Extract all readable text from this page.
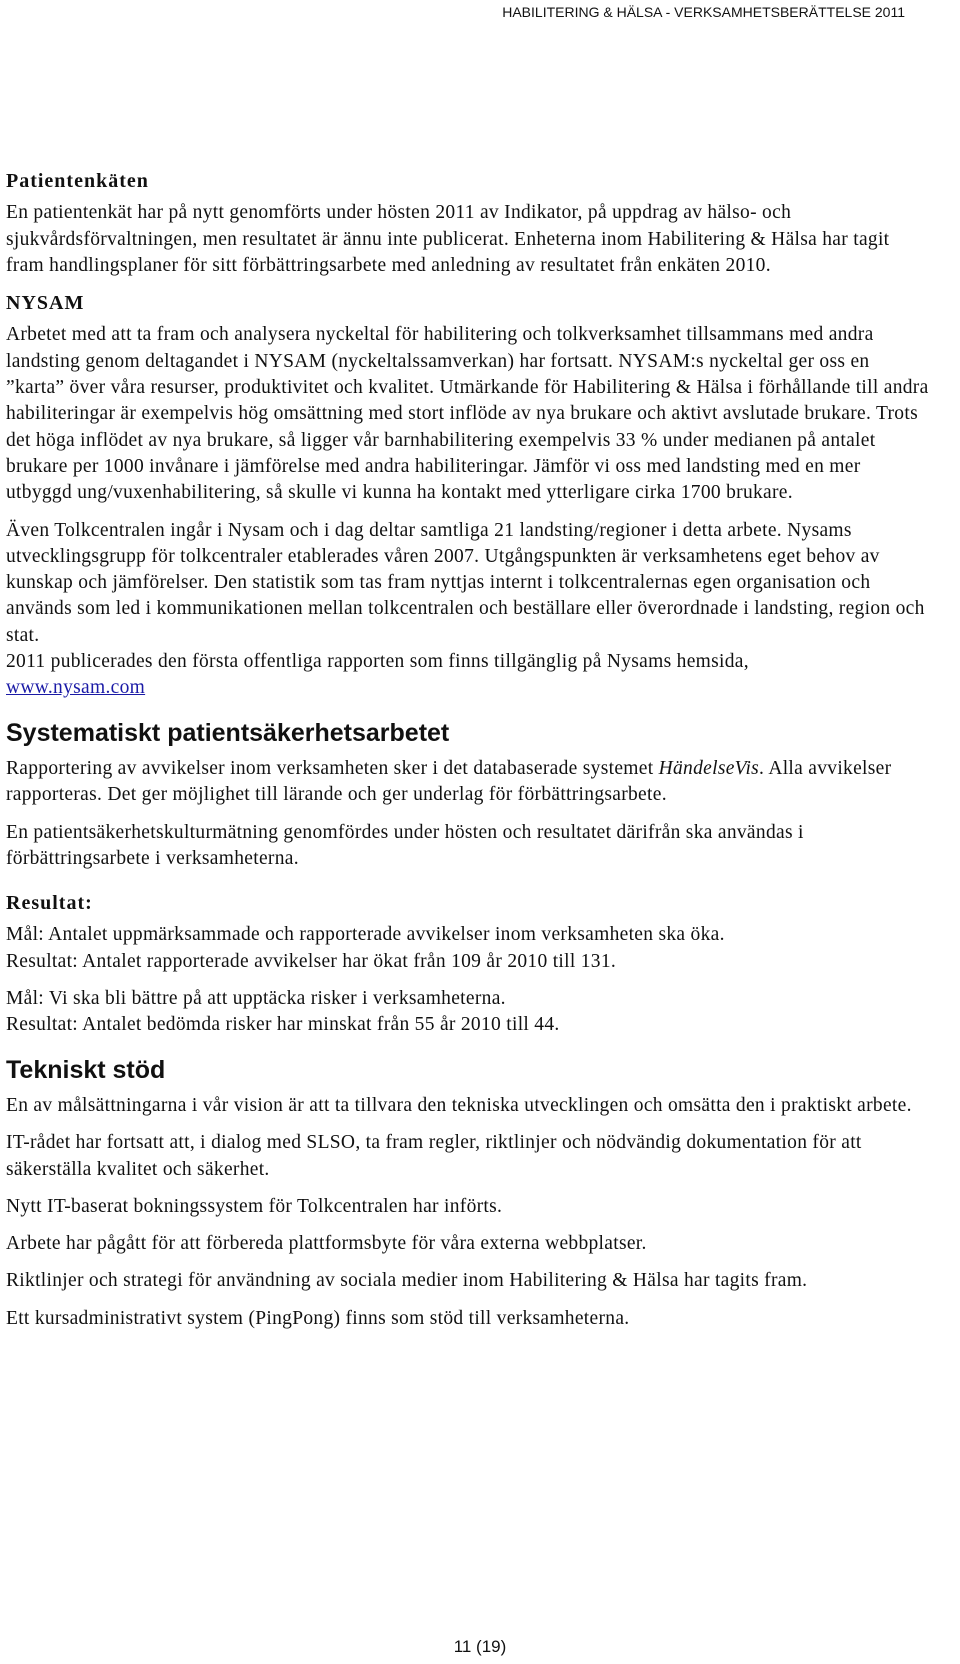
HABILITERING & HÄLSA - VERKSAMHETSBERÄTTELSE 2011
Patientenkäten

En patientenkät har på nytt genomförts under hösten 2011 av Indikator, på uppdrag av hälso- och sjukvårdsförvaltningen, men resultatet är ännu inte publicerat. Enheterna inom Habilitering & Hälsa har tagit fram handlingsplaner för sitt förbättringsarbete med anledning av resultatet från enkäten 2010.

NYSAM

Arbetet med att ta fram och analysera nyckeltal för habilitering och tolkverksamhet tillsammans med andra landsting genom deltagandet i NYSAM (nyckeltalssamverkan) har fortsatt. NYSAM:s nyckeltal ger oss en ”karta” över våra resurser, produktivitet och kvalitet. Utmärkande för Habilitering & Hälsa i förhållande till andra habiliteringar är exempelvis hög omsättning med stort inflöde av nya brukare och aktivt avslutade brukare. Trots det höga inflödet av nya brukare, så ligger vår barnhabilitering exempelvis 33 % under medianen på antalet brukare per 1000 invånare i jämförelse med andra habiliteringar. Jämför vi oss med landsting med en mer utbyggd ung/vuxenhabilitering, så skulle vi kunna ha kontakt med ytterligare cirka 1700 brukare.

Även Tolkcentralen ingår i Nysam och i dag deltar samtliga 21 landsting/regioner i detta arbete. Nysams utvecklingsgrupp för tolkcentraler etablerades våren 2007. Utgångspunkten är verksamhetens eget behov av kunskap och jämförelser. Den statistik som tas fram nyttjas internt i tolkcentralernas egen organisation och används som led i kommunikationen mellan tolkcentralen och beställare eller överordnade i landsting, region och stat.

2011 publicerades den första offentliga rapporten som finns tillgänglig på Nysams hemsida,
www.nysam.com

Systematiskt patientsäkerhetsarbetet

Rapportering av avvikelser inom verksamheten sker i det databaserade systemet HändelseVis. Alla avvikelser rapporteras. Det ger möjlighet till lärande och ger underlag för förbättringsarbete.

En patientsäkerhetskulturmätning genomfördes under hösten och resultatet därifrån ska användas i förbättringsarbete i verksamheterna.

Resultat:

Mål: Antalet uppmärksammade och rapporterade avvikelser inom verksamheten ska öka.
Resultat: Antalet rapporterade avvikelser har ökat från 109 år 2010 till 131.

Mål: Vi ska bli bättre på att upptäcka risker i verksamheterna.
Resultat: Antalet bedömda risker har minskat från 55 år 2010 till 44.

Tekniskt stöd

En av målsättningarna i vår vision är att ta tillvara den tekniska utvecklingen och omsätta den i praktiskt arbete.

IT-rådet har fortsatt att, i dialog med SLSO, ta fram regler, riktlinjer och nödvändig dokumentation för att säkerställa kvalitet och säkerhet.

Nytt IT-baserat bokningssystem för Tolkcentralen har införts.

Arbete har pågått för att förbereda plattformsbyte för våra externa webbplatser.

Riktlinjer och strategi för användning av sociala medier inom Habilitering & Hälsa har tagits fram.

Ett kursadministrativt system (PingPong) finns som stöd till verksamheterna.

11 (19)
